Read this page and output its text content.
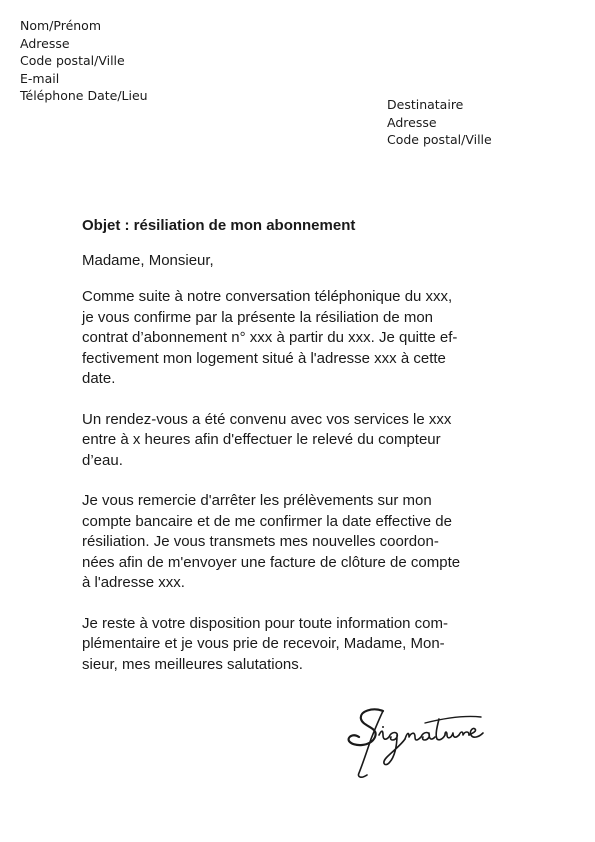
Nom/Prénom
Adresse
Code postal/Ville
E-mail
Téléphone Date/Lieu
Destinataire
Adresse
Code postal/Ville
Objet : résiliation de mon abonnement
Madame, Monsieur,
Comme suite à notre conversation téléphonique du xxx,
je vous confirme par la présente la résiliation de mon
contrat d’abonnement n° xxx à partir du xxx. Je quitte ef-
fectivement mon logement situé à l'adresse xxx à cette
date.
Un rendez-vous a été convenu avec vos services le xxx
entre à x heures afin d'effectuer le relevé du compteur
d’eau.
Je vous remercie d'arrêter les prélèvements sur mon
compte bancaire et de me confirmer la date effective de
résiliation. Je vous transmets mes nouvelles coordon-
nées afin de m'envoyer une facture de clôture de compte
à l'adresse xxx.
Je reste à votre disposition pour toute information com-
plémentaire et je vous prie de recevoir, Madame, Mon-
sieur, mes meilleures salutations.
